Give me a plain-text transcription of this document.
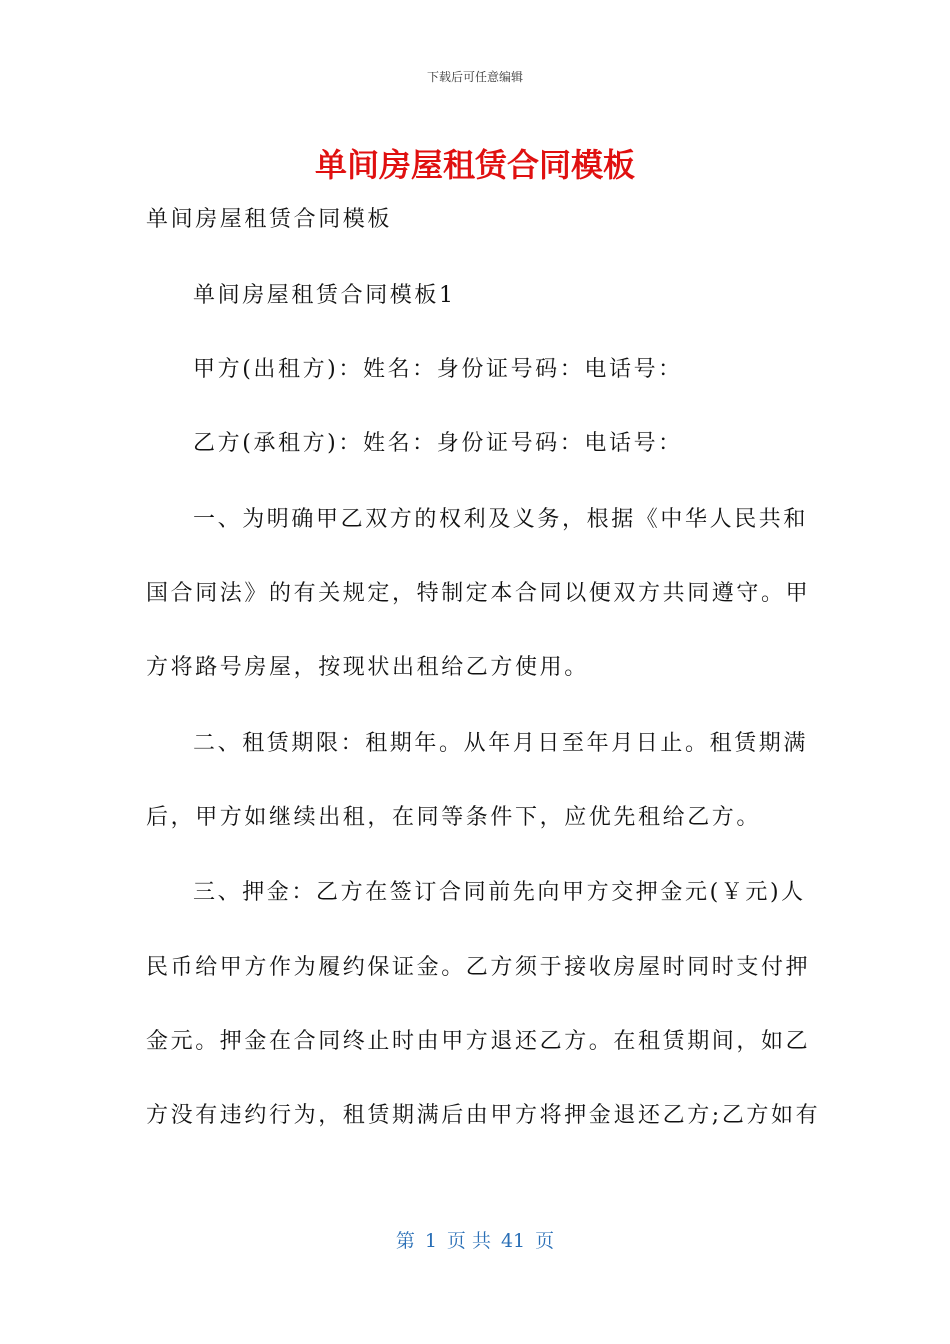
下载后可任意编辑
单间房屋租赁合同模板
单间房屋租赁合同模板
单间房屋租赁合同模板1
甲方(出租方)：姓名：身份证号码：电话号：
乙方(承租方)：姓名：身份证号码：电话号：
一、为明确甲乙双方的权利及义务，根据《中华人民共和
国合同法》的有关规定，特制定本合同以便双方共同遵守。甲
方将路号房屋，按现状出租给乙方使用。
二、租赁期限：租期年。从年月日至年月日止。租赁期满
后，甲方如继续出租，在同等条件下，应优先租给乙方。
三、押金：乙方在签订合同前先向甲方交押金元(￥元)人
民币给甲方作为履约保证金。乙方须于接收房屋时同时支付押
金元。押金在合同终止时由甲方退还乙方。在租赁期间，如乙
方没有违约行为，租赁期满后由甲方将押金退还乙方;乙方如有
第 1 页 共 41 页
